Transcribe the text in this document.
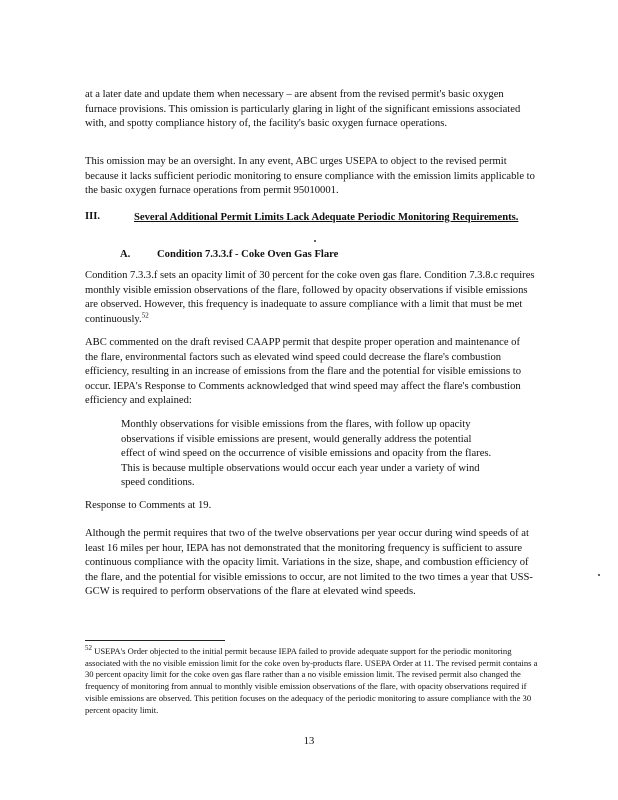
at a later date and update them when necessary – are absent from the revised permit's basic oxygen furnace provisions. This omission is particularly glaring in light of the significant emissions associated with, and spotty compliance history of, the facility's basic oxygen furnace operations.

This omission may be an oversight. In any event, ABC urges USEPA to object to the revised permit because it lacks sufficient periodic monitoring to ensure compliance with the emission limits applicable to the basic oxygen furnace operations from permit 95010001.

III.	Several Additional Permit Limits Lack Adequate Periodic Monitoring Requirements.
A.	Condition 7.3.3.f - Coke Oven Gas Flare

Condition 7.3.3.f sets an opacity limit of 30 percent for the coke oven gas flare. Condition 7.3.8.c requires monthly visible emission observations of the flare, followed by opacity observations if visible emissions are observed. However, this frequency is inadequate to assure compliance with a limit that must be met continuously.$^{52}$

ABC commented on the draft revised CAAPP permit that despite proper operation and maintenance of the flare, environmental factors such as elevated wind speed could decrease the flare's combustion efficiency, resulting in an increase of emissions from the flare and the potential for visible emissions to occur. IEPA's Response to Comments acknowledged that wind speed may affect the flare's combustion efficiency and explained:

Monthly observations for visible emissions from the flares, with follow up opacity observations if visible emissions are present, would generally address the potential effect of wind speed on the occurrence of visible emissions and opacity from the flares. This is because multiple observations would occur each year under a variety of wind speed conditions.

Response to Comments at 19.

Although the permit requires that two of the twelve observations per year occur during wind speeds of at least 16 miles per hour, IEPA has not demonstrated that the monitoring frequency is sufficient to assure continuous compliance with the opacity limit. Variations in the size, shape, and combustion efficiency of the flare, and the potential for visible emissions to occur, are not limited to the two times a year that USS-GCW is required to perform observations of the flare at elevated wind speeds.

$^{52}$ USEPA's Order objected to the initial permit because IEPA failed to provide adequate support for the periodic monitoring associated with the no visible emission limit for the coke oven by-products flare. USEPA Order at 11. The revised permit contains a 30 percent opacity limit for the coke oven gas flare rather than a no visible emission limit. The revised permit also changed the frequency of monitoring from annual to monthly visible emission observations of the flare, with opacity observations required if visible emissions are observed. This petition focuses on the adequacy of the periodic monitoring to assure compliance with the 30 percent opacity limit.

13
